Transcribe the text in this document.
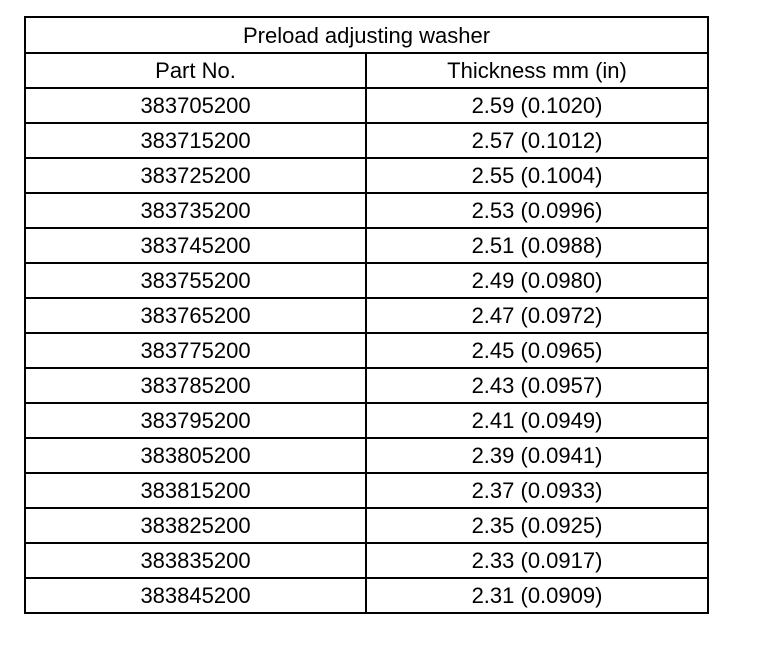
Preload adjusting washer	
Part No.	Thickness mm (in)
383705200	2.59 (0.1020)
383715200	2.57 (0.1012)
383725200	2.55 (0.1004)
383735200	2.53 (0.0996)
383745200	2.51 (0.0988)
383755200	2.49 (0.0980)
383765200	2.47 (0.0972)
383775200	2.45 (0.0965)
383785200	2.43 (0.0957)
383795200	2.41 (0.0949)
383805200	2.39 (0.0941)
383815200	2.37 (0.0933)
383825200	2.35 (0.0925)
383835200	2.33 (0.0917)
383845200	2.31 (0.0909)
